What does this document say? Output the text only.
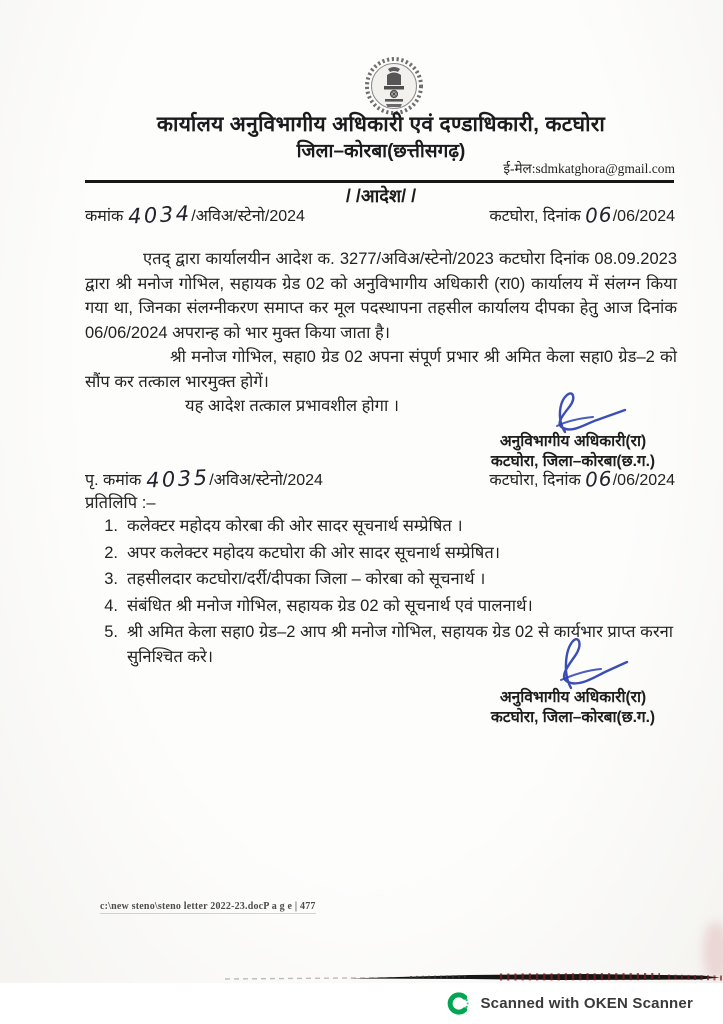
कार्यालय अनुविभागीय अधिकारी एवं दण्डाधिकारी, कटघोरा
जिला–कोरबा(छत्तीसगढ़)
ई-मेल:sdmkatghora@gmail.com
/ /आदेश/ /
कमांक 4034/अविअ/स्टेनो/2024	कटघोरा, दिनांक 06/06/2024

एतद् द्वारा कार्यालयीन आदेश क. 3277/अविअ/स्टेनो/2023 कटघोरा दिनांक 08.09.2023 द्वारा श्री मनोज गोभिल, सहायक ग्रेड 02 को अनुविभागीय अधिकारी (रा0) कार्यालय में संलग्न किया गया था, जिनका संलग्नीकरण समाप्त कर मूल पदस्थापना तहसील कार्यालय दीपका हेतु आज दिनांक 06/06/2024 अपरान्ह को भार मुक्त किया जाता है।

श्री मनोज गोभिल, सहा0 ग्रेड 02 अपना संपूर्ण प्रभार श्री अमित केला सहा0 ग्रेड–2 को सौंप कर तत्काल भारमुक्त होगें।

यह आदेश तत्काल प्रभावशील होगा ।

अनुविभागीय अधिकारी(रा)
कटघोरा, जिला–कोरबा(छ.ग.)
पृ. कमांक 4035/अविअ/स्टेनो/2024	कटघोरा, दिनांक 06/06/2024
प्रतिलिपि :–
1. कलेक्टर महोदय कोरबा की ओर सादर सूचनार्थ सम्प्रेषित ।
2. अपर कलेक्टर महोदय कटघोरा की ओर सादर सूचनार्थ सम्प्रेषित।
3. तहसीलदार कटघोरा/दर्री/दीपका जिला – कोरबा को सूचनार्थ ।
4. संबंधित श्री मनोज गोभिल, सहायक ग्रेड 02 को सूचनार्थ एवं पालनार्थ।
5. श्री अमित केला सहा0 ग्रेड–2 आप श्री मनोज गोभिल, सहायक ग्रेड 02 से कार्यभार प्राप्त करना सुनिश्चित करे।
अनुविभागीय अधिकारी(रा)
कटघोरा, जिला–कोरबा(छ.ग.)
c:\new steno\steno letter 2022-23.docP a g e | 477
Scanned with OKEN Scanner
